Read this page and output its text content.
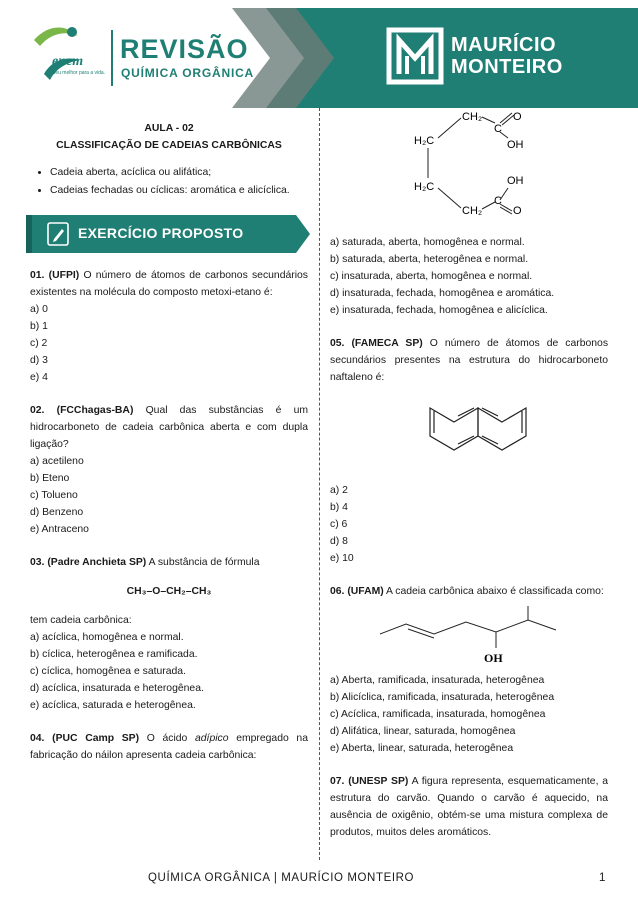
enem
Seu melhor para a vida.
REVISÃO
QUÍMICA ORGÂNICA
MAURÍCIO
MONTEIRO
AULA - 02
CLASSIFICAÇÃO DE CADEIAS CARBÔNICAS
• Cadeia aberta, acíclica ou alifática;
• Cadeias fechadas ou cíclicas: aromática e alicíclica.
EXERCÍCIO PROPOSTO
01. (UFPI) O número de átomos de carbonos secundários existentes na molécula do composto metoxi-etano é:
a) 0
b) 1
c) 2
d) 3
e) 4
02. (FCChagas-BA) Qual das substâncias é um hidrocarboneto de cadeia carbônica aberta e com dupla ligação?
a) acetileno
b) Eteno
c) Tolueno
d) Benzeno
e) Antraceno
03. (Padre Anchieta SP) A substância de fórmula
CH₃–O–CH₂–CH₃
tem cadeia carbônica:
a) acíclica, homogênea e normal.
b) cíclica, heterogênea e ramificada.
c) cíclica, homogênea e saturada.
d) acíclica, insaturada e heterogênea.
e) acíclica, saturada e heterogênea.
04. (PUC Camp SP) O ácido adípico empregado na fabricação do náilon apresenta cadeia carbônica:
CH₂
H₂C
C
O
OH
H₂C	OH
C
O
CH₂
a) saturada, aberta, homogênea e normal.
b) saturada, aberta, heterogênea e normal.
c) insaturada, aberta, homogênea e normal.
d) insaturada, fechada, homogênea e aromática.
e) insaturada, fechada, homogênea e alicíclica.
05. (FAMECA SP) O número de átomos de carbonos secundários presentes na estrutura do hidrocarboneto naftaleno é:
a) 2
b) 4
c) 6
d) 8
e) 10
06. (UFAM) A cadeia carbônica abaixo é classificada como:
OH
a) Aberta, ramificada, insaturada, heterogênea
b) Alicíclica, ramificada, insaturada, heterogênea
c) Acíclica, ramificada, insaturada, homogênea
d) Alifática, linear, saturada, homogênea
e) Aberta, linear, saturada, heterogênea
07. (UNESP SP) A figura representa, esquematicamente, a estrutura do carvão. Quando o carvão é aquecido, na ausência de oxigênio, obtém-se uma mistura complexa de produtos, muitos deles aromáticos.
QUÍMICA ORGÂNICA | MAURÍCIO MONTEIRO	1
